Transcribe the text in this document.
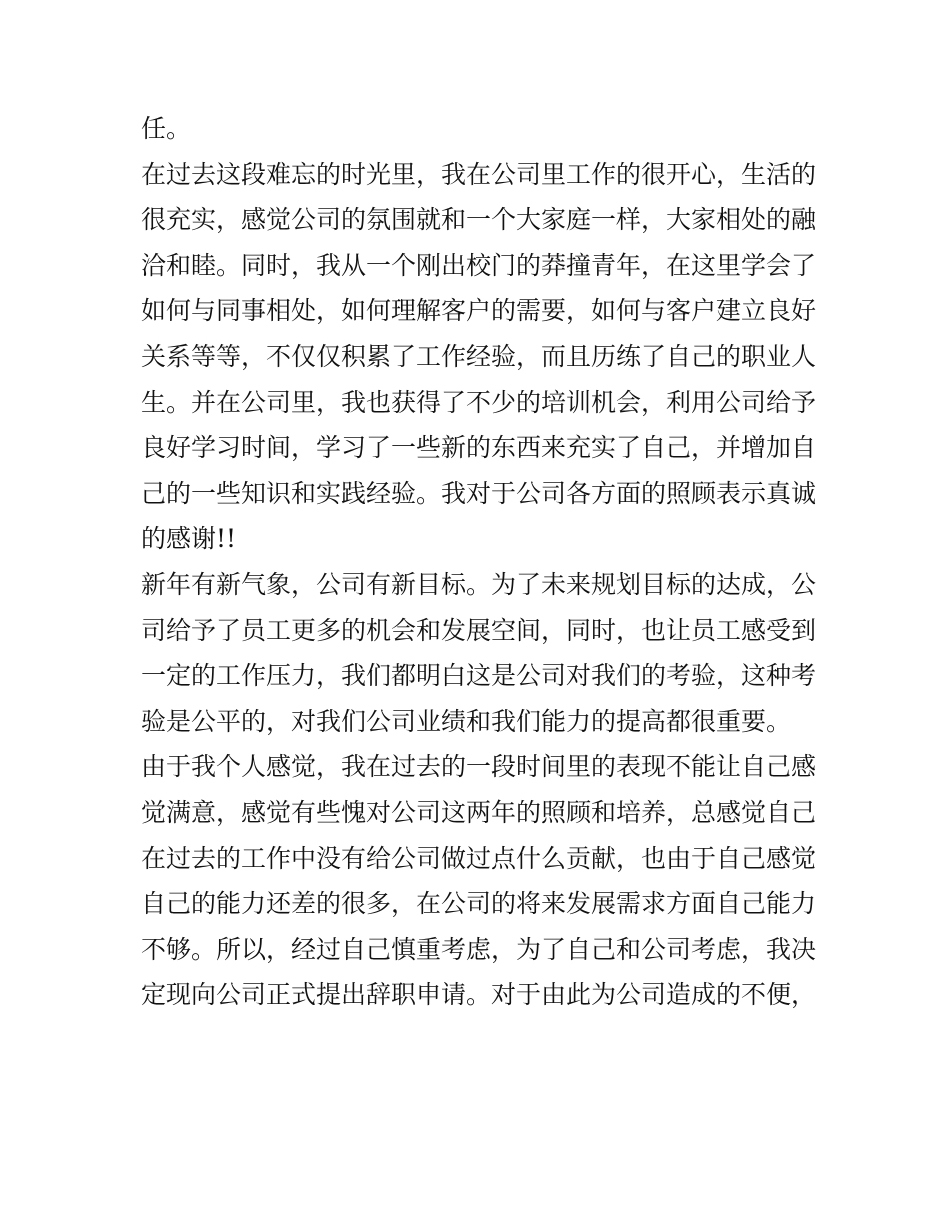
任。
在过去这段难忘的时光里，我在公司里工作的很开心，生活的
很充实，感觉公司的氛围就和一个大家庭一样，大家相处的融
洽和睦。同时，我从一个刚出校门的莽撞青年，在这里学会了
如何与同事相处，如何理解客户的需要，如何与客户建立良好
关系等等，不仅仅积累了工作经验，而且历练了自己的职业人
生。并在公司里，我也获得了不少的培训机会，利用公司给予
良好学习时间，学习了一些新的东西来充实了自己，并增加自
己的一些知识和实践经验。我对于公司各方面的照顾表示真诚
的感谢!!
新年有新气象，公司有新目标。为了未来规划目标的达成，公
司给予了员工更多的机会和发展空间，同时，也让员工感受到
一定的工作压力，我们都明白这是公司对我们的考验，这种考
验是公平的，对我们公司业绩和我们能力的提高都很重要。
由于我个人感觉，我在过去的一段时间里的表现不能让自己感
觉满意，感觉有些愧对公司这两年的照顾和培养，总感觉自己
在过去的工作中没有给公司做过点什么贡献，也由于自己感觉
自己的能力还差的很多，在公司的将来发展需求方面自己能力
不够。所以，经过自己慎重考虑，为了自己和公司考虑，我决
定现向公司正式提出辞职申请。对于由此为公司造成的不便，
